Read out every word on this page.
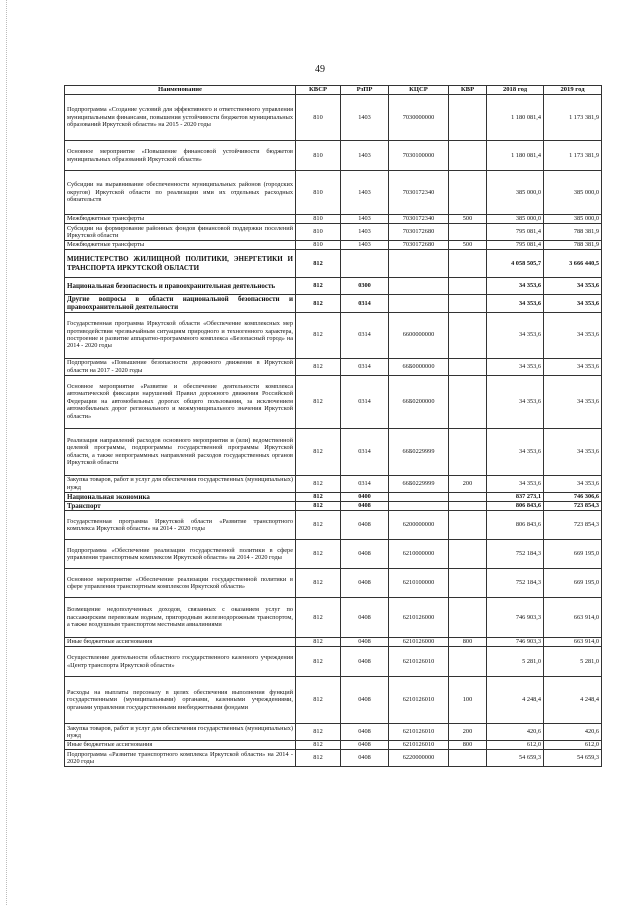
49
Наименование	КВСР	РзПР	КЦСР	КВР	2018 год	2019 год
Подпрограмма «Создание условий для эффективного и ответственного управления муниципальными финансами, повышения устойчивости бюджетов муниципальных образований Иркутской области» на 2015 - 2020 годы	810	1403	7030000000		1 180 081,4	1 173 381,9
Основное мероприятие «Повышение финансовой устойчивости бюджетов муниципальных образований Иркутской области»	810	1403	7030100000		1 180 081,4	1 173 381,9
Субсидии на выравнивание обеспеченности муниципальных районов (городских округов) Иркутской области по реализации ими их отдельных расходных обязательств	810	1403	7030172340		385 000,0	385 000,0
Межбюджетные трансферты	810	1403	7030172340	500	385 000,0	385 000,0
Субсидии на формирование районных фондов финансовой поддержки поселений Иркутской области	810	1403	7030172680		795 081,4	788 381,9
Межбюджетные трансферты	810	1403	7030172680	500	795 081,4	788 381,9
МИНИСТЕРСТВО ЖИЛИЩНОЙ ПОЛИТИКИ, ЭНЕРГЕТИКИ И ТРАНСПОРТА ИРКУТСКОЙ ОБЛАСТИ	812				4 058 505,7	3 666 440,5
Национальная безопасность и правоохранительная деятельность	812	0300			34 353,6	34 353,6
Другие вопросы в области национальной безопасности и правоохранительной деятельности	812	0314			34 353,6	34 353,6
Государственная программа Иркутской области «Обеспечение комплексных мер противодействия чрезвычайным ситуациям природного и техногенного характера, построение и развитие аппаратно-программного комплекса «Безопасный город» на 2014 - 2020 годы	812	0314	6600000000		34 353,6	34 353,6
Подпрограмма «Повышение безопасности дорожного движения в Иркутской области на 2017 - 2020 годы	812	0314	66Б0000000		34 353,6	34 353,6
Основное мероприятие «Развитие и обеспечение деятельности комплекса автоматической фиксации нарушений Правил дорожного движения Российской Федерации на автомобильных дорогах общего пользования, за исключением автомобильных дорог регионального и межмуниципального значения Иркутской области»	812	0314	66Б0200000		34 353,6	34 353,6
Реализация направлений расходов основного мероприятия и (или) ведомственной целевой программы, подпрограммы государственной программы Иркутской области, а также непрограммных направлений расходов государственных органов Иркутской области	812	0314	66Б0229999		34 353,6	34 353,6
Закупка товаров, работ и услуг для обеспечения государственных (муниципальных) нужд	812	0314	66Б0229999	200	34 353,6	34 353,6
Национальная экономика	812	0400			837 273,1	746 306,6
Транспорт	812	0408			806 843,6	723 854,3
Государственная программа Иркутской области «Развитие транспортного комплекса Иркутской области» на 2014 - 2020 годы	812	0408	6200000000		806 843,6	723 854,3
Подпрограмма «Обеспечение реализации государственной политики в сфере управления транспортным комплексом Иркутской области» на 2014 - 2020 годы	812	0408	6210000000		752 184,3	669 195,0
Основное мероприятие «Обеспечение реализации государственной политики в сфере управления транспортным комплексом Иркутской области»	812	0408	6210100000		752 184,3	669 195,0
Возмещение недополученных доходов, связанных с оказанием услуг по пассажирским перевозкам водным, пригородным железнодорожным транспортом, а также воздушным транспортом местными авиалиниями	812	0408	6210126000		746 903,3	663 914,0
Иные бюджетные ассигнования	812	0408	6210126000	800	746 903,3	663 914,0
Осуществление деятельности областного государственного казенного учреждения «Центр транспорта Иркутской области»	812	0408	6210126010		5 281,0	5 281,0
Расходы на выплаты персоналу в целях обеспечения выполнения функций государственными (муниципальными) органами, казенными учреждениями, органами управления государственными внебюджетными фондами	812	0408	6210126010	100	4 248,4	4 248,4
Закупка товаров, работ и услуг для обеспечения государственных (муниципальных) нужд	812	0408	6210126010	200	420,6	420,6
Иные бюджетные ассигнования	812	0408	6210126010	800	612,0	612,0
Подпрограмма «Развитие транспортного комплекса Иркутской области» на 2014 - 2020 годы	812	0408	6220000000		54 659,3	54 659,3
